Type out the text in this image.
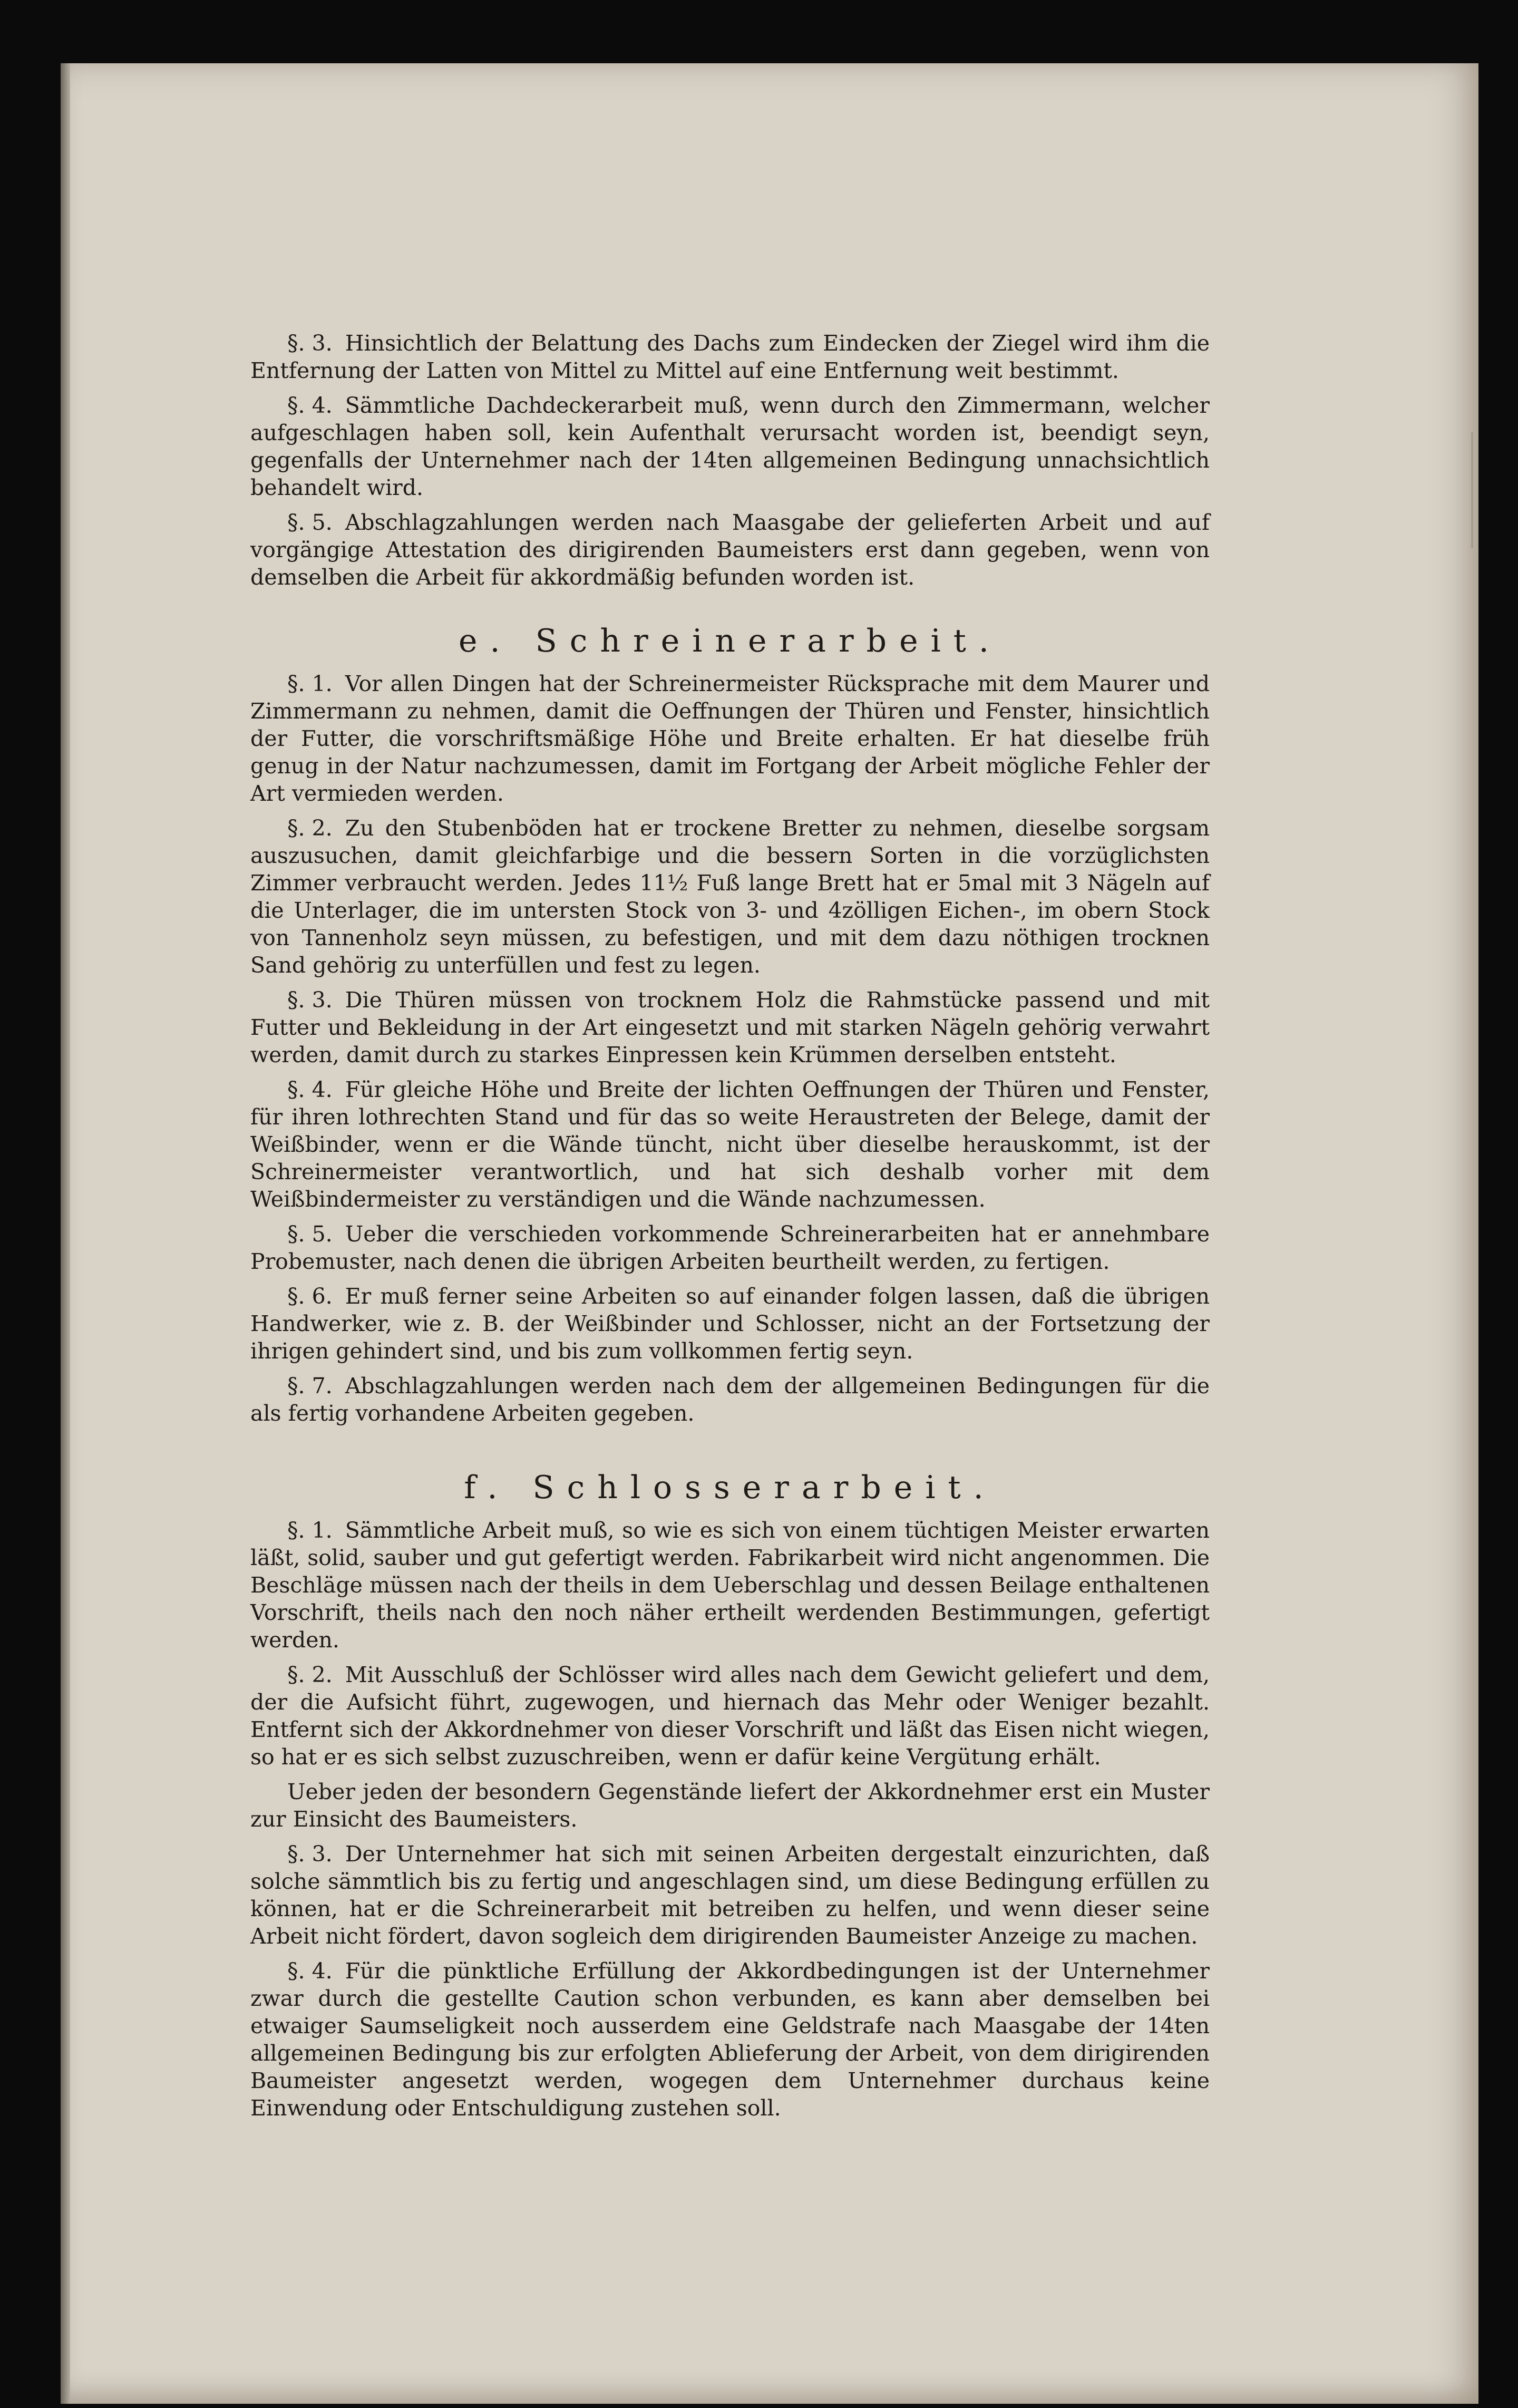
§. 3. Hinsichtlich der Belattung des Dachs zum Eindecken der Ziegel wird ihm die Entfernung der Latten von Mittel zu Mittel auf eine Entfernung weit bestimmt.

§. 4. Sämmtliche Dachdeckerarbeit muß, wenn durch den Zimmermann, welcher aufgeschlagen haben soll, kein Aufenthalt verursacht worden ist, beendigt seyn, gegenfalls der Unternehmer nach der 14ten allgemeinen Bedingung unnachsichtlich behandelt wird.

§. 5. Abschlagzahlungen werden nach Maasgabe der gelieferten Arbeit und auf vorgängige Attestation des dirigirenden Baumeisters erst dann gegeben, wenn von demselben die Arbeit für akkordmäßig befunden worden ist.

e. Schreinerarbeit.

§. 1. Vor allen Dingen hat der Schreinermeister Rücksprache mit dem Maurer und Zimmermann zu nehmen, damit die Oeffnungen der Thüren und Fenster, hinsichtlich der Futter, die vorschriftsmäßige Höhe und Breite erhalten. Er hat dieselbe früh genug in der Natur nachzumessen, damit im Fortgang der Arbeit mögliche Fehler der Art vermieden werden.

§. 2. Zu den Stubenböden hat er trockene Bretter zu nehmen, dieselbe sorgsam auszusuchen, damit gleichfarbige und die bessern Sorten in die vorzüglichsten Zimmer verbraucht werden. Jedes 11½ Fuß lange Brett hat er 5mal mit 3 Nägeln auf die Unterlager, die im untersten Stock von 3- und 4zölligen Eichen-, im obern Stock von Tannenholz seyn müssen, zu befestigen, und mit dem dazu nöthigen trocknen Sand gehörig zu unterfüllen und fest zu legen.

§. 3. Die Thüren müssen von trocknem Holz die Rahmstücke passend und mit Futter und Bekleidung in der Art eingesetzt und mit starken Nägeln gehörig verwahrt werden, damit durch zu starkes Einpressen kein Krümmen derselben entsteht.

§. 4. Für gleiche Höhe und Breite der lichten Oeffnungen der Thüren und Fenster, für ihren lothrechten Stand und für das so weite Heraustreten der Belege, damit der Weißbinder, wenn er die Wände tüncht, nicht über dieselbe herauskommt, ist der Schreinermeister verantwortlich, und hat sich deshalb vorher mit dem Weißbindermeister zu verständigen und die Wände nachzumessen.

§. 5. Ueber die verschieden vorkommende Schreinerarbeiten hat er annehmbare Probemuster, nach denen die übrigen Arbeiten beurtheilt werden, zu fertigen.

§. 6. Er muß ferner seine Arbeiten so auf einander folgen lassen, daß die übrigen Handwerker, wie z. B. der Weißbinder und Schlosser, nicht an der Fortsetzung der ihrigen gehindert sind, und bis zum vollkommen fertig seyn.

§. 7. Abschlagzahlungen werden nach dem der allgemeinen Bedingungen für die als fertig vorhandene Arbeiten gegeben.

f. Schlosserarbeit.

§. 1. Sämmtliche Arbeit muß, so wie es sich von einem tüchtigen Meister erwarten läßt, solid, sauber und gut gefertigt werden. Fabrikarbeit wird nicht angenommen. Die Beschläge müssen nach der theils in dem Ueberschlag und dessen Beilage enthaltenen Vorschrift, theils nach den noch näher ertheilt werdenden Bestimmungen, gefertigt werden.

§. 2. Mit Ausschluß der Schlösser wird alles nach dem Gewicht geliefert und dem, der die Aufsicht führt, zugewogen, und hiernach das Mehr oder Weniger bezahlt. Entfernt sich der Akkordnehmer von dieser Vorschrift und läßt das Eisen nicht wiegen, so hat er es sich selbst zuzuschreiben, wenn er dafür keine Vergütung erhält.

Ueber jeden der besondern Gegenstände liefert der Akkordnehmer erst ein Muster zur Einsicht des Baumeisters.

§. 3. Der Unternehmer hat sich mit seinen Arbeiten dergestalt einzurichten, daß solche sämmtlich bis zu fertig und angeschlagen sind, um diese Bedingung erfüllen zu können, hat er die Schreinerarbeit mit betreiben zu helfen, und wenn dieser seine Arbeit nicht fördert, davon sogleich dem dirigirenden Baumeister Anzeige zu machen.

§. 4. Für die pünktliche Erfüllung der Akkordbedingungen ist der Unternehmer zwar durch die gestellte Caution schon verbunden, es kann aber demselben bei etwaiger Saumseligkeit noch ausserdem eine Geldstrafe nach Maasgabe der 14ten allgemeinen Bedingung bis zur erfolgten Ablieferung der Arbeit, von dem dirigirenden Baumeister angesetzt werden, wogegen dem Unternehmer durchaus keine Einwendung oder Entschuldigung zustehen soll.
